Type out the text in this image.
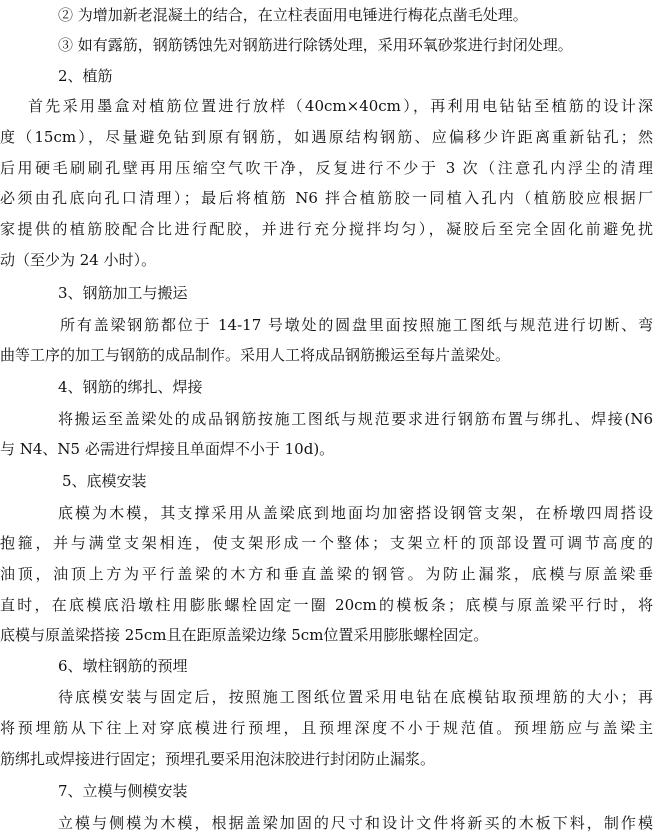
② 为增加新老混凝土的结合，在立柱表面用电锤进行梅花点凿毛处理。
③ 如有露筋，钢筋锈蚀先对钢筋进行除锈处理，采用环氧砂浆进行封闭处理。
2、植筋
首先采用墨盒对植筋位置进行放样（40cm×40cm），再利用电钻钻至植筋的设计深
度（15cm），尽量避免钻到原有钢筋，如遇原结构钢筋、应偏移少许距离重新钻孔；然
后用硬毛刷刷孔壁再用压缩空气吹干净，反复进行不少于 3 次（注意孔内浮尘的清理
必须由孔底向孔口清理）；最后将植筋 N6 拌合植筋胶一同植入孔内（植筋胶应根据厂
家提供的植筋胶配合比进行配胶，并进行充分搅拌均匀），凝胶后至完全固化前避免扰
动（至少为 24 小时）。
3、钢筋加工与搬运
所有盖梁钢筋都位于 14-17 号墩处的圆盘里面按照施工图纸与规范进行切断、弯
曲等工序的加工与钢筋的成品制作。采用人工将成品钢筋搬运至每片盖梁处。
4、钢筋的绑扎、焊接
将搬运至盖梁处的成品钢筋按施工图纸与规范要求进行钢筋布置与绑扎、焊接(N6
与 N4、N5 必需进行焊接且单面焊不小于 10d)。
5、底模安装
底模为木模，其支撑采用从盖梁底到地面均加密搭设钢管支架，在桥墩四周搭设
抱箍，并与满堂支架相连，使支架形成一个整体；支架立杆的顶部设置可调节高度的
油顶，油顶上方为平行盖梁的木方和垂直盖梁的钢管。为防止漏浆，底模与原盖梁垂
直时，在底模底沿墩柱用膨胀螺栓固定一圈 20cm的模板条；底模与原盖梁平行时，将
底模与原盖梁搭接 25cm且在距原盖梁边缘 5cm位置采用膨胀螺栓固定。
6、墩柱钢筋的预埋
待底模安装与固定后，按照施工图纸位置采用电钻在底模钻取预埋筋的大小；再
将预埋筋从下往上对穿底模进行预埋，且预埋深度不小于规范值。预埋筋应与盖梁主
筋绑扎或焊接进行固定；预埋孔要采用泡沫胶进行封闭防止漏浆。
7、立模与侧模安装
立模与侧模为木模，根据盖梁加固的尺寸和设计文件将新买的木板下料，制作模
